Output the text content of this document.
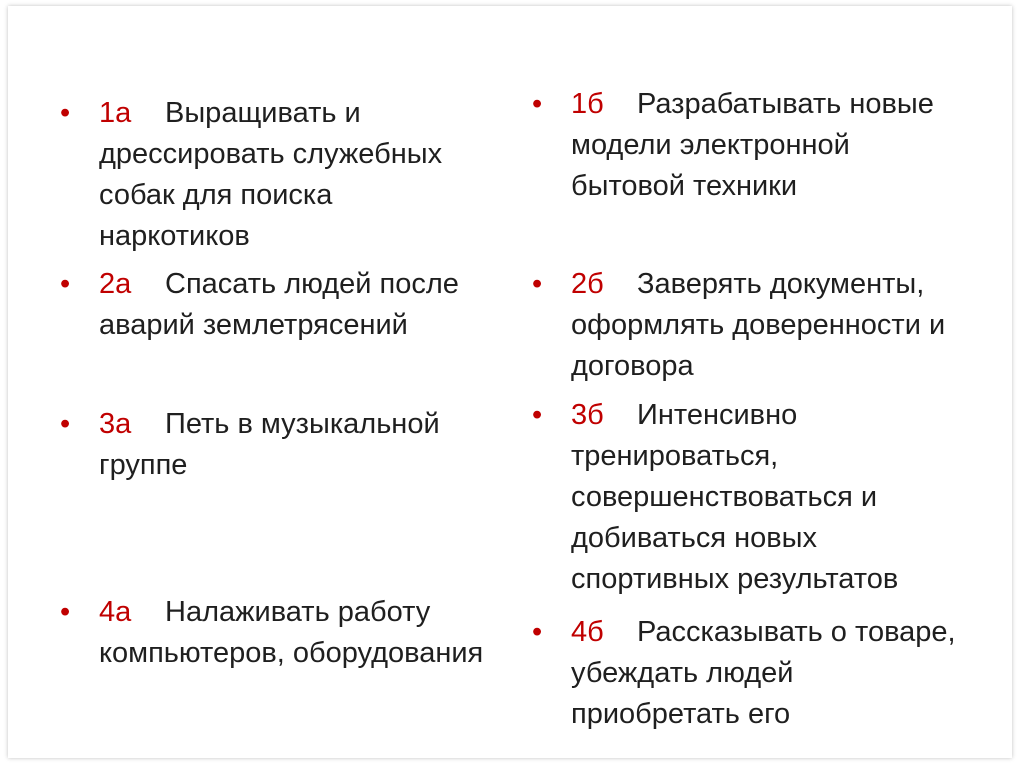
• 1а Выращивать и дрессировать служебных собак для поиска наркотиков
• 2а Спасать людей после аварий землетрясений
• 3а Петь в музыкальной группе
• 4а Налаживать работу компьютеров, оборудования
• 1б Разрабатывать новые модели электронной бытовой техники
• 2б Заверять документы, оформлять доверенности и договора
• 3б Интенсивно тренироваться, совершенствоваться и добиваться новых спортивных результатов
• 4б Рассказывать о товаре, убеждать людей приобретать его
